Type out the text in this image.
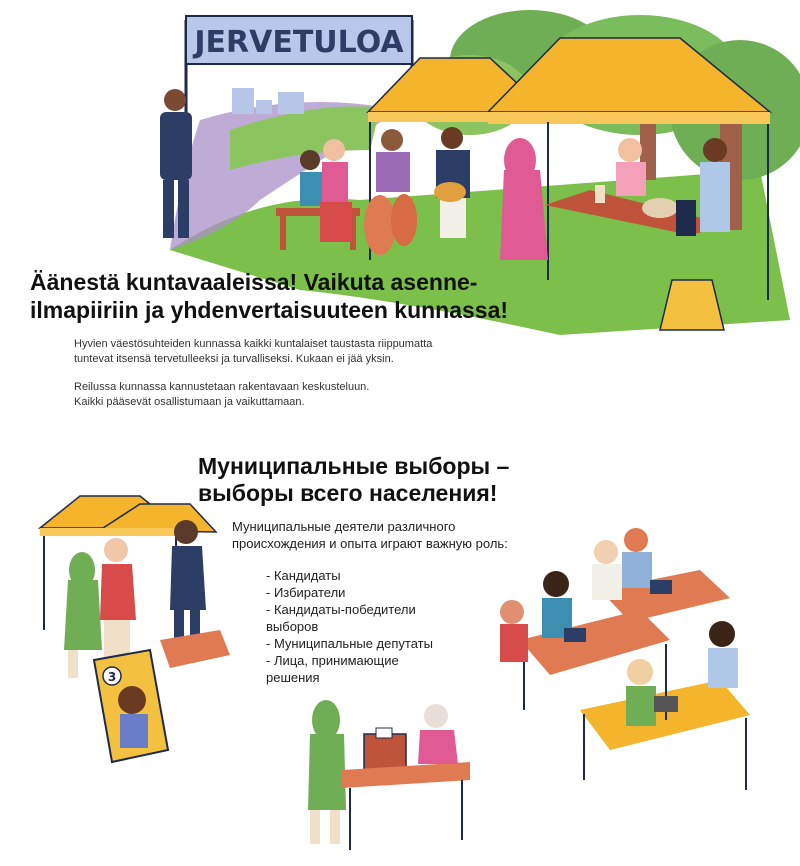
JERVETULOA
Äänestä kuntavaaleissa! Vaikuta asenne-
ilmapiiriin ja yhdenvertaisuuteen kunnassa!
Hyvien väestösuhteiden kunnassa kaikki kuntalaiset taustasta riippumatta
tuntevat itsensä tervetulleeksi ja turvalliseksi. Kukaan ei jää yksin.
Reilussa kunnassa kannustetaan rakentavaan keskusteluun.
Kaikki pääsevät osallistumaan ja vaikuttamaan.
Муниципальные выборы –
выборы всего населения!
Муниципальные деятели различного
происхождения и опыта играют важную роль:
- Кандидаты
- Избиратели
- Кандидаты-победители
выборов
- Муниципальные депутаты
- Лица, принимающие
решения
3
